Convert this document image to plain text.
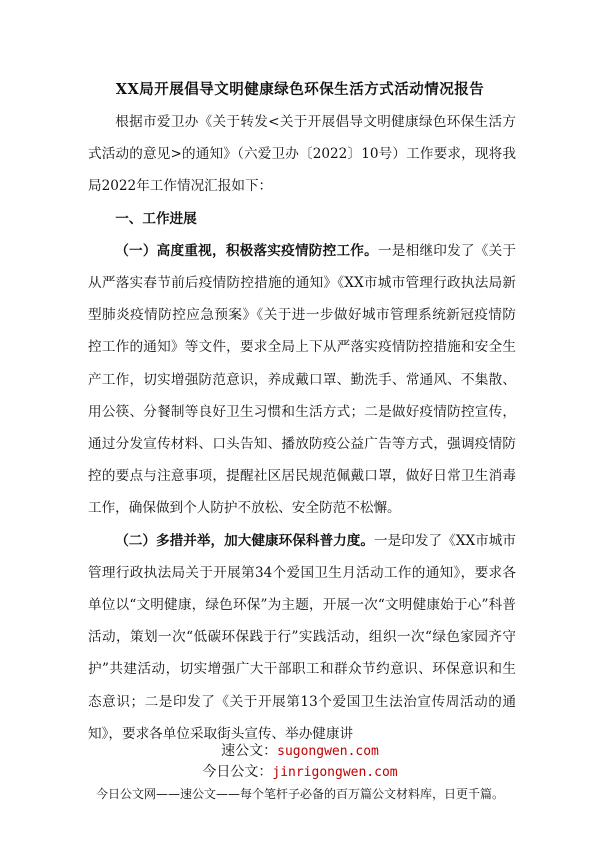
XX局开展倡导文明健康绿色环保生活方式活动情况报告

根据市爱卫办《关于转发<关于开展倡导文明健康绿色环保生活方式活动的意见>的通知》（六爱卫办〔2022〕10号）工作要求，现将我局2022年工作情况汇报如下：

一、工作进展

（一）高度重视，积极落实疫情防控工作。一是相继印发了《关于从严落实春节前后疫情防控措施的通知》《XX市城市管理行政执法局新型肺炎疫情防控应急预案》《关于进一步做好城市管理系统新冠疫情防控工作的通知》等文件，要求全局上下从严落实疫情防控措施和安全生产工作，切实增强防范意识，养成戴口罩、勤洗手、常通风、不集散、用公筷、分餐制等良好卫生习惯和生活方式；二是做好疫情防控宣传，通过分发宣传材料、口头告知、播放防疫公益广告等方式，强调疫情防控的要点与注意事项，提醒社区居民规范佩戴口罩，做好日常卫生消毒工作，确保做到个人防护不放松、安全防范不松懈。

（二）多措并举，加大健康环保科普力度。一是印发了《XX市城市管理行政执法局关于开展第34个爱国卫生月活动工作的通知》，要求各单位以“文明健康，绿色环保”为主题，开展一次“文明健康始于心”科普活动，策划一次“低碳环保践于行”实践活动，组织一次“绿色家园齐守护”共建活动，切实增强广大干部职工和群众节约意识、环保意识和生态意识；二是印发了《关于开展第13个爱国卫生法治宣传周活动的通知》，要求各单位采取街头宣传、举办健康讲

速公文：sugongwen.com
今日公文：jinrigongwen.com
今日公文网——速公文——每个笔杆子必备的百万篇公文材料库，日更千篇。
